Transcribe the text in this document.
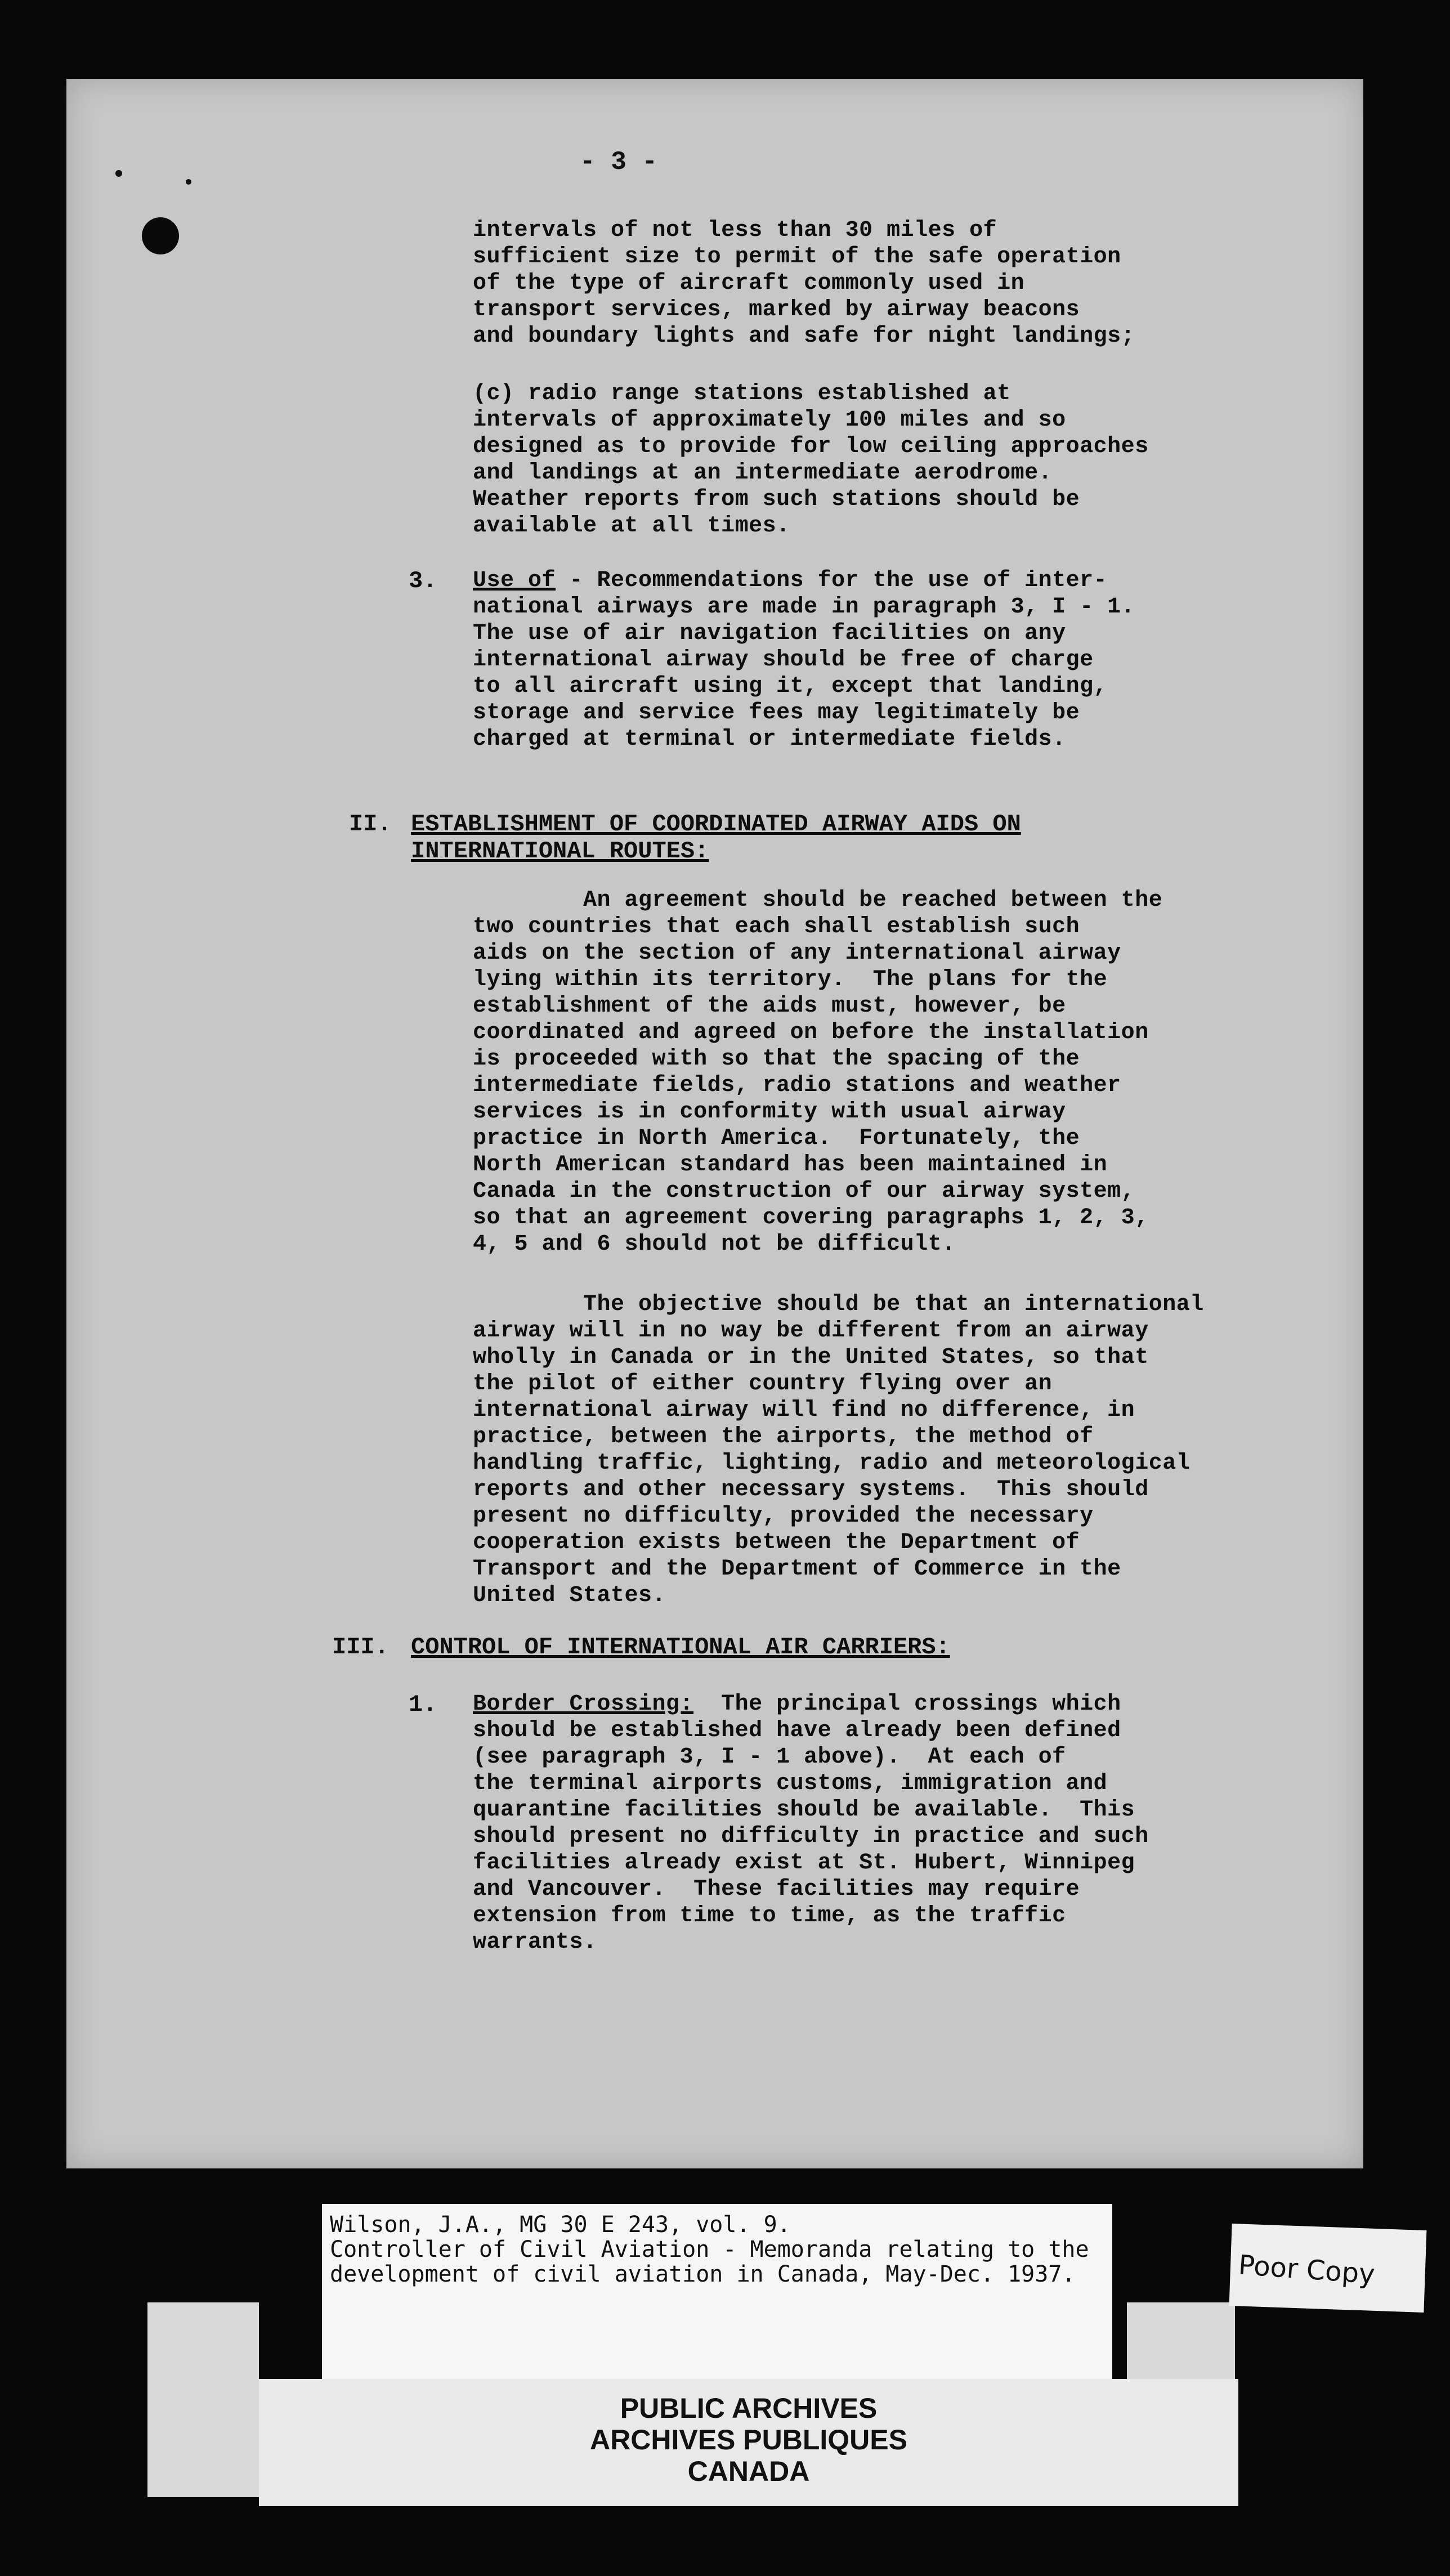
- 3 -
intervals of not less than 30 miles of
sufficient size to permit of the safe operation
of the type of aircraft commonly used in
transport services, marked by airway beacons
and boundary lights and safe for night landings;
(c) radio range stations established at
intervals of approximately 100 miles and so
designed as to provide for low ceiling approaches
and landings at an intermediate aerodrome.
Weather reports from such stations should be
available at all times.
3. Use of - Recommendations for the use of inter-
national airways are made in paragraph 3, I - 1.
The use of air navigation facilities on any
international airway should be free of charge
to all aircraft using it, except that landing,
storage and service fees may legitimately be
charged at terminal or intermediate fields.
II. ESTABLISHMENT OF COORDINATED AIRWAY AIDS ON
INTERNATIONAL ROUTES:
An agreement should be reached between the
two countries that each shall establish such
aids on the section of any international airway
lying within its territory.  The plans for the
establishment of the aids must, however, be
coordinated and agreed on before the installation
is proceeded with so that the spacing of the
intermediate fields, radio stations and weather
services is in conformity with usual airway
practice in North America.  Fortunately, the
North American standard has been maintained in
Canada in the construction of our airway system,
so that an agreement covering paragraphs 1, 2, 3,
4, 5 and 6 should not be difficult.
The objective should be that an international
airway will in no way be different from an airway
wholly in Canada or in the United States, so that
the pilot of either country flying over an
international airway will find no difference, in
practice, between the airports, the method of
handling traffic, lighting, radio and meteorological
reports and other necessary systems.  This should
present no difficulty, provided the necessary
cooperation exists between the Department of
Transport and the Department of Commerce in the
United States.
III. CONTROL OF INTERNATIONAL AIR CARRIERS:
1. Border Crossing:  The principal crossings which
should be established have already been defined
(see paragraph 3, I - 1 above).  At each of
the terminal airports customs, immigration and
quarantine facilities should be available.  This
should present no difficulty in practice and such
facilities already exist at St. Hubert, Winnipeg
and Vancouver.  These facilities may require
extension from time to time, as the traffic
warrants.
Wilson, J.A., MG 30 E 243, vol. 9.
Controller of Civil Aviation - Memoranda relating to the
development of civil aviation in Canada, May-Dec. 1937.	Poor Copy
PUBLIC ARCHIVES
ARCHIVES PUBLIQUES
CANADA
